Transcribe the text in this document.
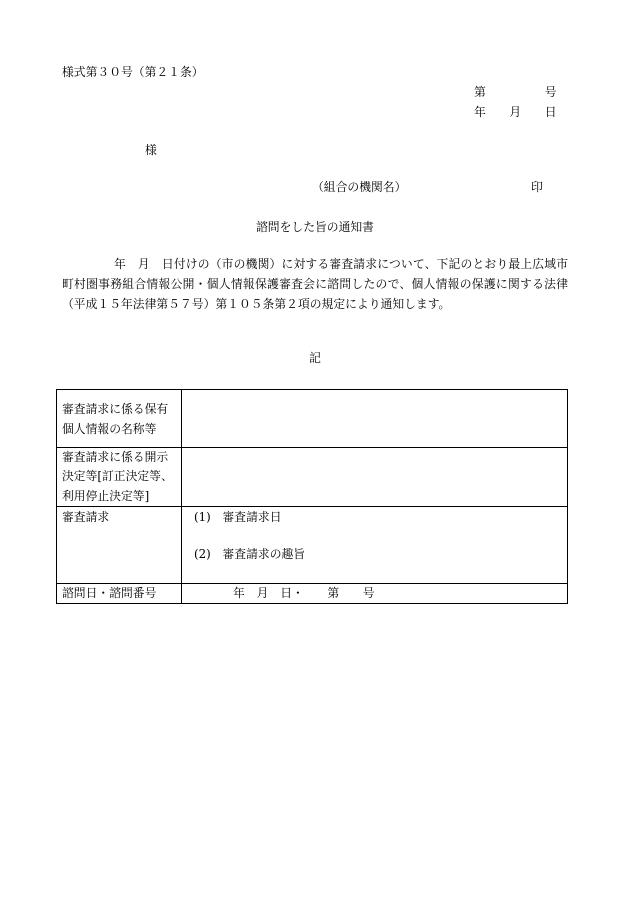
様式第３０号（第２１条）
第　　　　　号
年　　月　　日
様
（組合の機関名）	印
諮問をした旨の通知書
年　月　日付けの（市の機関）に対する審査請求について、下記のとおり最上広域市
町村圏事務組合情報公開・個人情報保護審査会に諮問したので、個人情報の保護に関する法律
（平成１５年法律第５７号）第１０５条第２項の規定により通知します。
記
審査請求に係る保有
個人情報の名称等
審査請求に係る開示
決定等[訂正決定等、
利用停止決定等]
審査請求	(1)　審査請求日
(2)　審査請求の趣旨
諮問日・諮問番号	年　月　日・　　第　　号
